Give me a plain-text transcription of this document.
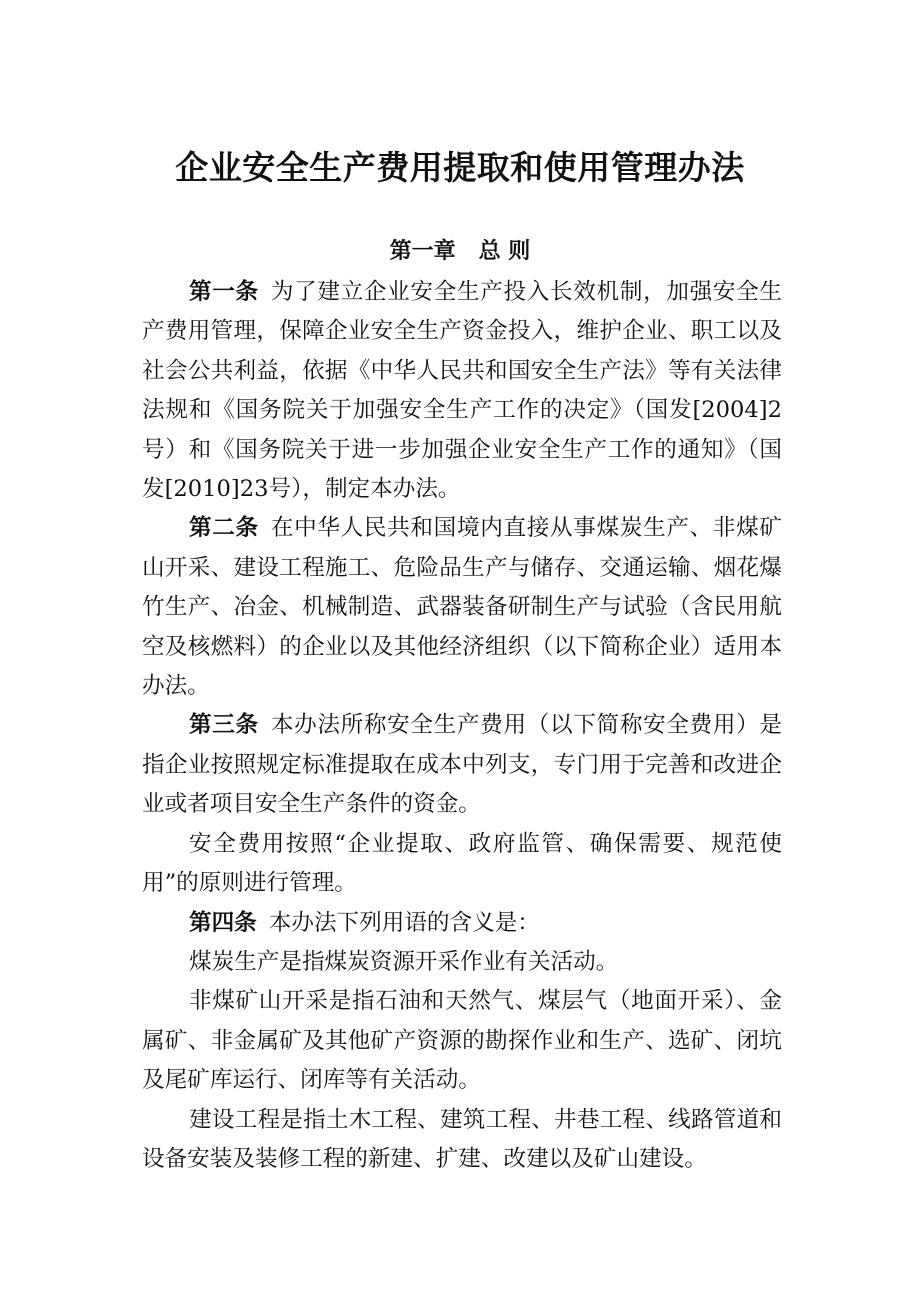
企业安全生产费用提取和使用管理办法
第一章   总 则

第一条 为了建立企业安全生产投入长效机制，加强安全生产费用管理，保障企业安全生产资金投入，维护企业、职工以及社会公共利益，依据《中华人民共和国安全生产法》等有关法律法规和《国务院关于加强安全生产工作的决定》（国发[2004]2号）和《国务院关于进一步加强企业安全生产工作的通知》（国发[2010]23号），制定本办法。

第二条 在中华人民共和国境内直接从事煤炭生产、非煤矿山开采、建设工程施工、危险品生产与储存、交通运输、烟花爆竹生产、冶金、机械制造、武器装备研制生产与试验（含民用航空及核燃料）的企业以及其他经济组织（以下简称企业）适用本办法。

第三条 本办法所称安全生产费用（以下简称安全费用）是指企业按照规定标准提取在成本中列支，专门用于完善和改进企业或者项目安全生产条件的资金。

安全费用按照“企业提取、政府监管、确保需要、规范使用”的原则进行管理。

第四条 本办法下列用语的含义是：

煤炭生产是指煤炭资源开采作业有关活动。

非煤矿山开采是指石油和天然气、煤层气（地面开采）、金属矿、非金属矿及其他矿产资源的勘探作业和生产、选矿、闭坑及尾矿库运行、闭库等有关活动。

建设工程是指土木工程、建筑工程、井巷工程、线路管道和设备安装及装修工程的新建、扩建、改建以及矿山建设。
